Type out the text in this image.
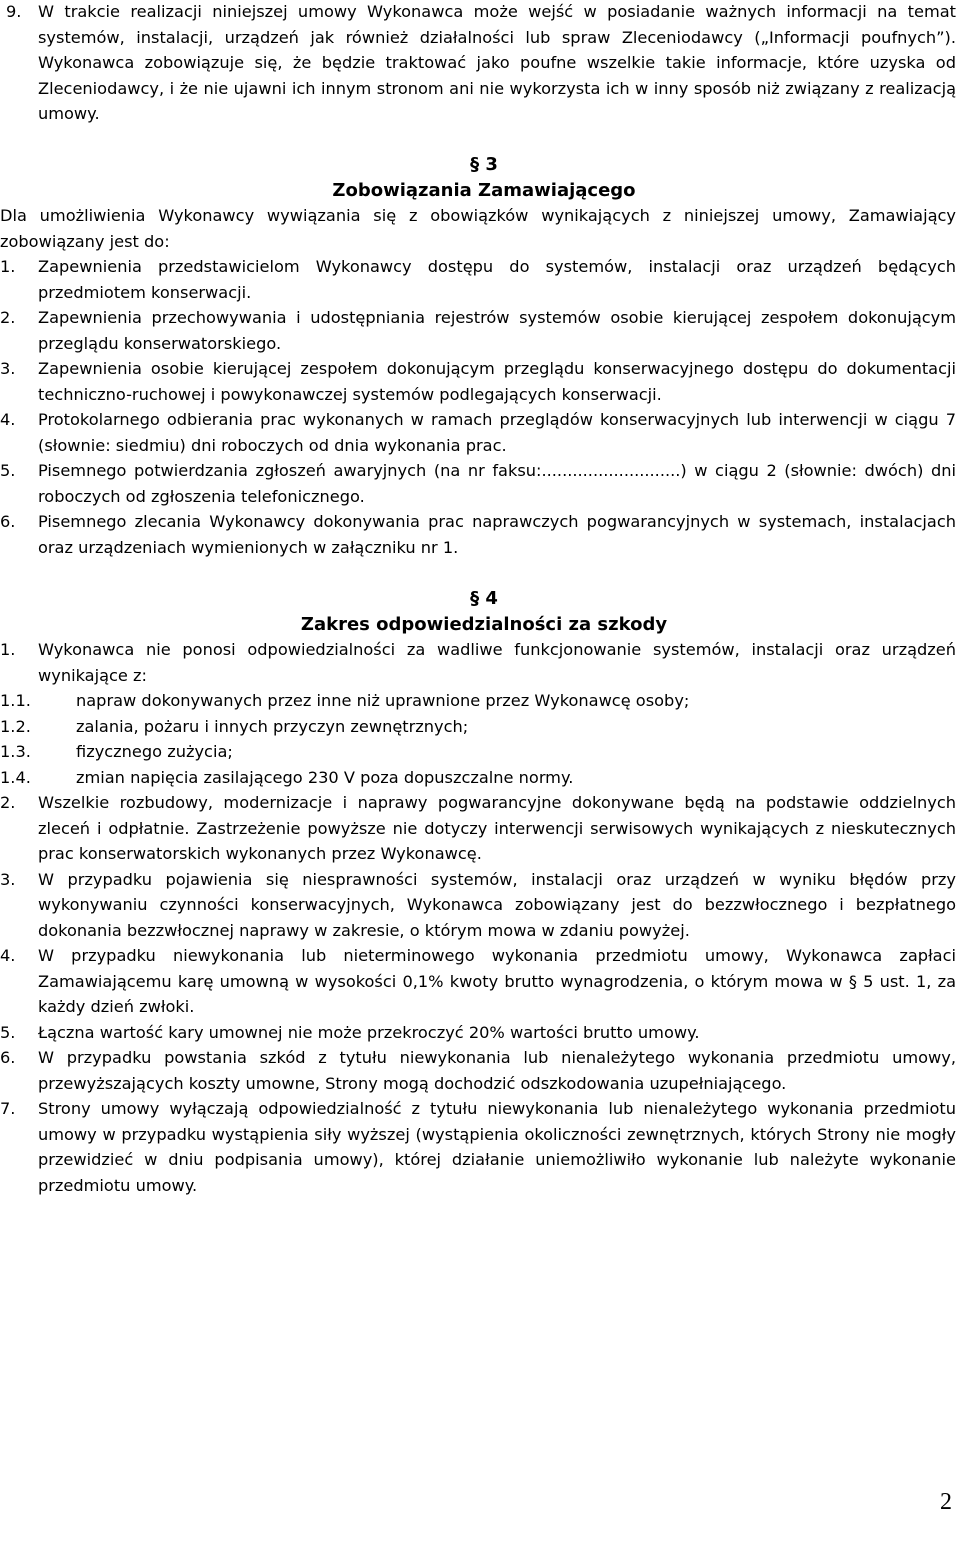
9. W trakcie realizacji niniejszej umowy Wykonawca może wejść w posiadanie ważnych informacji na temat systemów, instalacji, urządzeń jak również działalności lub spraw Zleceniodawcy („Informacji poufnych”). Wykonawca zobowiązuje się, że będzie traktować jako poufne wszelkie takie informacje, które uzyska od Zleceniodawcy, i że nie ujawni ich innym stronom ani nie wykorzysta ich w inny sposób niż związany z realizacją umowy.
§ 3
Zobowiązania Zamawiającego
Dla umożliwienia Wykonawcy wywiązania się z obowiązków wynikających z niniejszej umowy, Zamawiający zobowiązany jest do:
1. Zapewnienia przedstawicielom Wykonawcy dostępu do systemów, instalacji oraz urządzeń będących przedmiotem konserwacji.
2. Zapewnienia przechowywania i udostępniania rejestrów systemów osobie kierującej zespołem dokonującym przeglądu konserwatorskiego.
3. Zapewnienia osobie kierującej zespołem dokonującym przeglądu konserwacyjnego dostępu do dokumentacji techniczno-ruchowej i powykonawczej systemów podlegających konserwacji.
4. Protokolarnego odbierania prac wykonanych w ramach przeglądów konserwacyjnych lub interwencji w ciągu 7 (słownie: siedmiu) dni roboczych od dnia wykonania prac.
5. Pisemnego potwierdzania zgłoszeń awaryjnych (na nr faksu:...........................) w ciągu 2 (słownie: dwóch) dni roboczych od zgłoszenia telefonicznego.
6. Pisemnego zlecania Wykonawcy dokonywania prac naprawczych pogwarancyjnych w systemach, instalacjach oraz urządzeniach wymienionych w załączniku nr 1.
§ 4
Zakres odpowiedzialności za szkody
1. Wykonawca nie ponosi odpowiedzialności za wadliwe funkcjonowanie systemów, instalacji oraz urządzeń wynikające z:
1.1.	napraw dokonywanych przez inne niż uprawnione przez Wykonawcę osoby;
1.2.	zalania, pożaru i innych przyczyn zewnętrznych;
1.3.	fizycznego zużycia;
1.4.	zmian napięcia zasilającego 230 V poza dopuszczalne normy.
2. Wszelkie rozbudowy, modernizacje i naprawy pogwarancyjne dokonywane będą na podstawie oddzielnych zleceń i odpłatnie. Zastrzeżenie powyższe nie dotyczy interwencji serwisowych wynikających z nieskutecznych prac konserwatorskich wykonanych przez Wykonawcę.
3. W przypadku pojawienia się niesprawności systemów, instalacji oraz urządzeń w wyniku błędów przy wykonywaniu czynności konserwacyjnych, Wykonawca zobowiązany jest do bezzwłocznego i bezpłatnego dokonania bezzwłocznej naprawy w zakresie, o którym mowa w zdaniu powyżej.
4. W przypadku niewykonania lub nieterminowego wykonania przedmiotu umowy, Wykonawca zapłaci Zamawiającemu karę umowną w wysokości 0,1% kwoty brutto wynagrodzenia, o którym mowa w § 5 ust. 1, za każdy dzień zwłoki.
5. Łączna wartość kary umownej nie może przekroczyć 20% wartości brutto umowy.
6. W przypadku powstania szkód z tytułu niewykonania lub nienależytego wykonania przedmiotu umowy, przewyższających koszty umowne, Strony mogą dochodzić odszkodowania uzupełniającego.
7. Strony umowy wyłączają odpowiedzialność z tytułu niewykonania lub nienależytego wykonania przedmiotu umowy w przypadku wystąpienia siły wyższej (wystąpienia okoliczności zewnętrznych, których Strony nie mogły przewidzieć w dniu podpisania umowy), której działanie uniemożliwiło wykonanie lub należyte wykonanie przedmiotu umowy.
2
